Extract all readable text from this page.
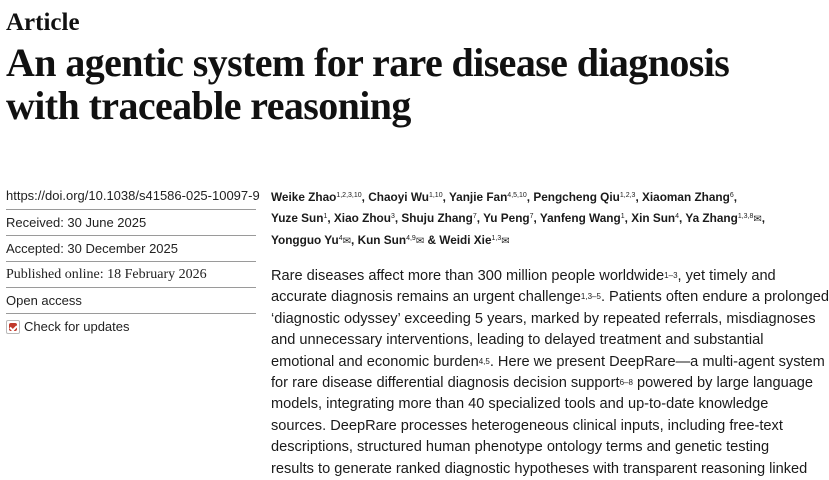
Article
An agentic system for rare disease diagnosis
with traceable reasoning
https://doi.org/10.1038/s41586-025-10097-9
Received: 30 June 2025
Accepted: 30 December 2025
Published online: 18 February 2026
Open access
Check for updates
Weike Zhao$^{1,2,3,10}$, Chaoyi Wu$^{1,10}$, Yanjie Fan$^{4,5,10}$, Pengcheng Qiu$^{1,2,3}$, Xiaoman Zhang$^6$,
Yuze Sun$^1$, Xiao Zhou$^3$, Shuju Zhang$^7$, Yu Peng$^7$, Yanfeng Wang$^1$, Xin Sun$^4$, Ya Zhang$^{1,3,8}$✉,
Yongguo Yu$^4$✉, Kun Sun$^{4,9}$✉ & Weidi Xie$^{1,3}$✉
Rare diseases affect more than 300 million people worldwide$^{1-3}$, yet timely and
accurate diagnosis remains an urgent challenge$^{1,3-5}$. Patients often endure a prolonged
‘diagnostic odyssey’ exceeding 5 years, marked by repeated referrals, misdiagnoses
and unnecessary interventions, leading to delayed treatment and substantial
emotional and economic burden$^{4,5}$. Here we present DeepRare—a multi-agent system
for rare disease differential diagnosis decision support$^{6-8}$ powered by large language
models, integrating more than 40 specialized tools and up-to-date knowledge
sources. DeepRare processes heterogeneous clinical inputs, including free-text
descriptions, structured human phenotype ontology terms and genetic testing
results to generate ranked diagnostic hypotheses with transparent reasoning linked
